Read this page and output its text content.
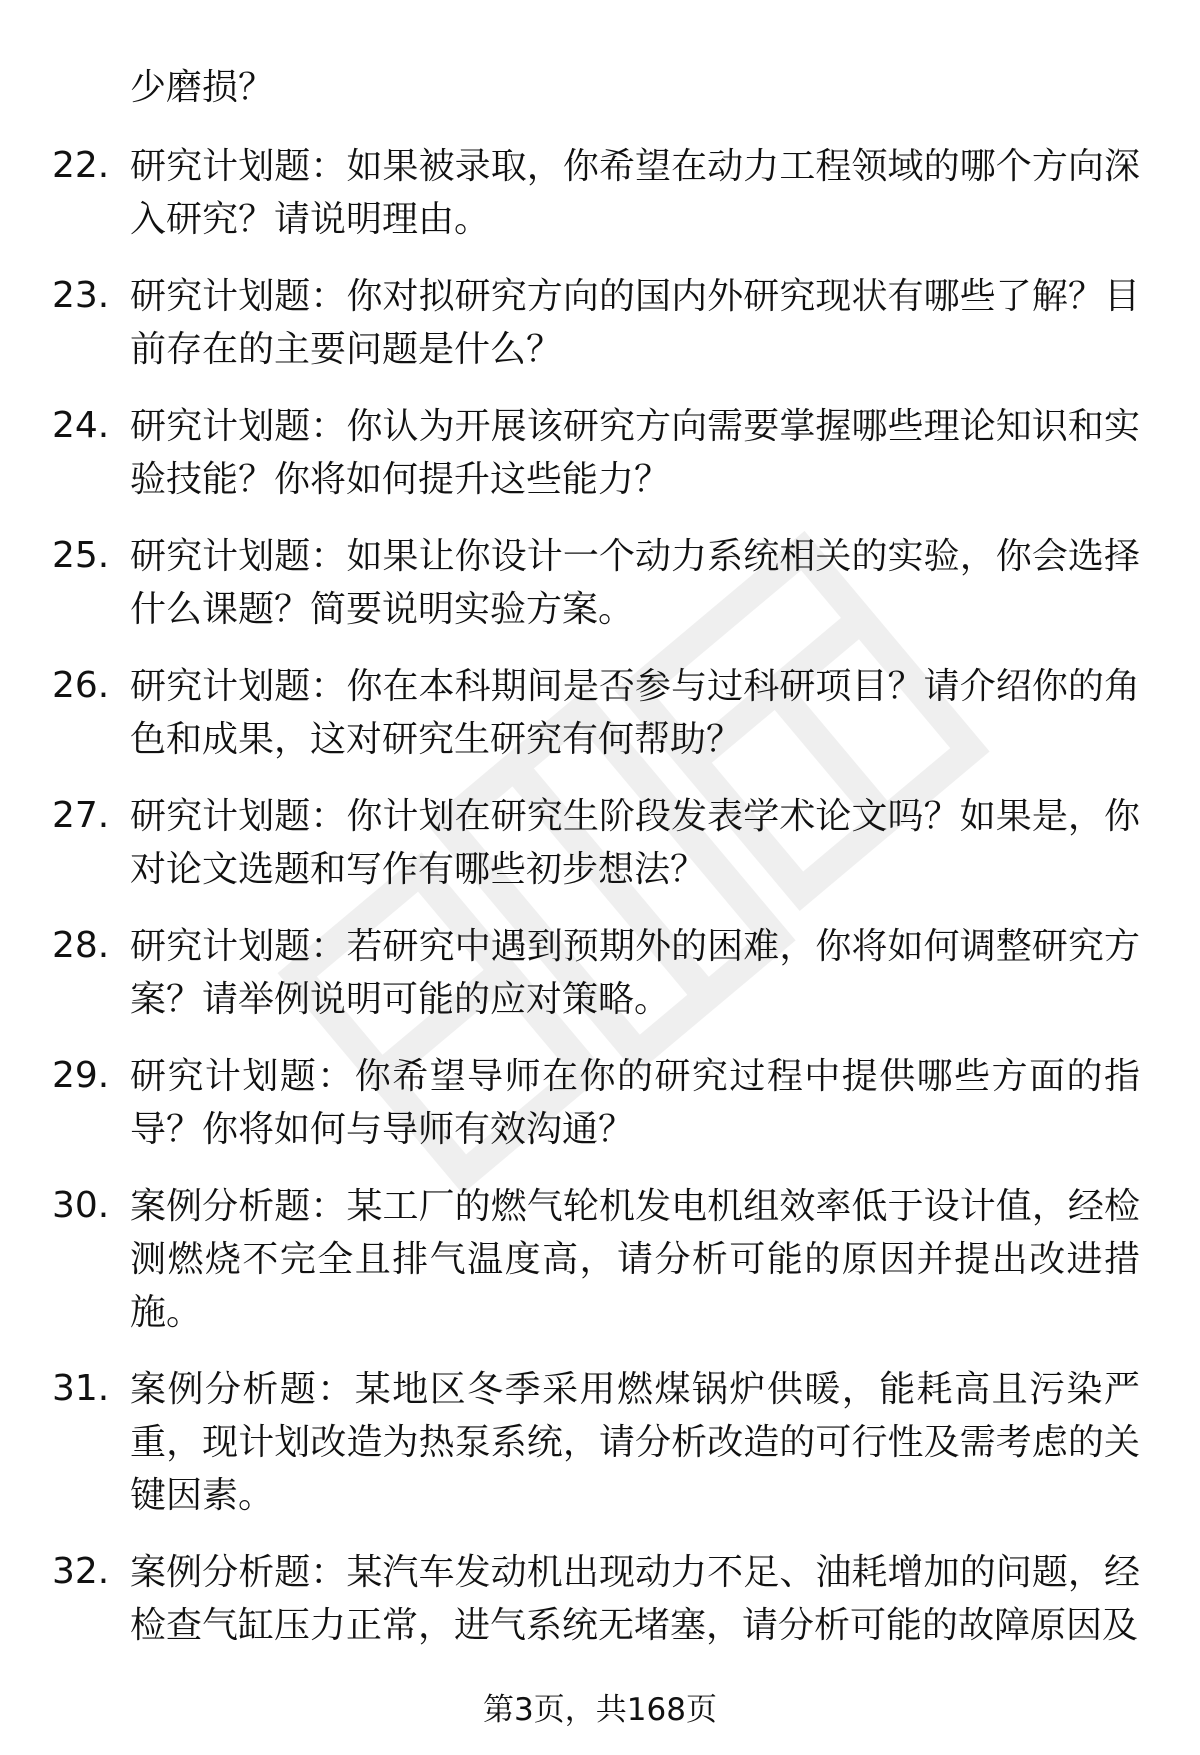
少磨损？
22. 研究计划题：如果被录取，你希望在动力工程领域的哪个方向深入研究？请说明理由。
23. 研究计划题：你对拟研究方向的国内外研究现状有哪些了解？目前存在的主要问题是什么？
24. 研究计划题：你认为开展该研究方向需要掌握哪些理论知识和实验技能？你将如何提升这些能力？
25. 研究计划题：如果让你设计一个动力系统相关的实验，你会选择什么课题？简要说明实验方案。
26. 研究计划题：你在本科期间是否参与过科研项目？请介绍你的角色和成果，这对研究生研究有何帮助？
27. 研究计划题：你计划在研究生阶段发表学术论文吗？如果是，你对论文选题和写作有哪些初步想法？
28. 研究计划题：若研究中遇到预期外的困难，你将如何调整研究方案？请举例说明可能的应对策略。
29. 研究计划题：你希望导师在你的研究过程中提供哪些方面的指导？你将如何与导师有效沟通？
30. 案例分析题：某工厂的燃气轮机发电机组效率低于设计值，经检测燃烧不完全且排气温度高，请分析可能的原因并提出改进措施。
31. 案例分析题：某地区冬季采用燃煤锅炉供暖，能耗高且污染严重，现计划改造为热泵系统，请分析改造的可行性及需考虑的关键因素。
32. 案例分析题：某汽车发动机出现动力不足、油耗增加的问题，经检查气缸压力正常，进气系统无堵塞，请分析可能的故障原因及
第3页，共168页
